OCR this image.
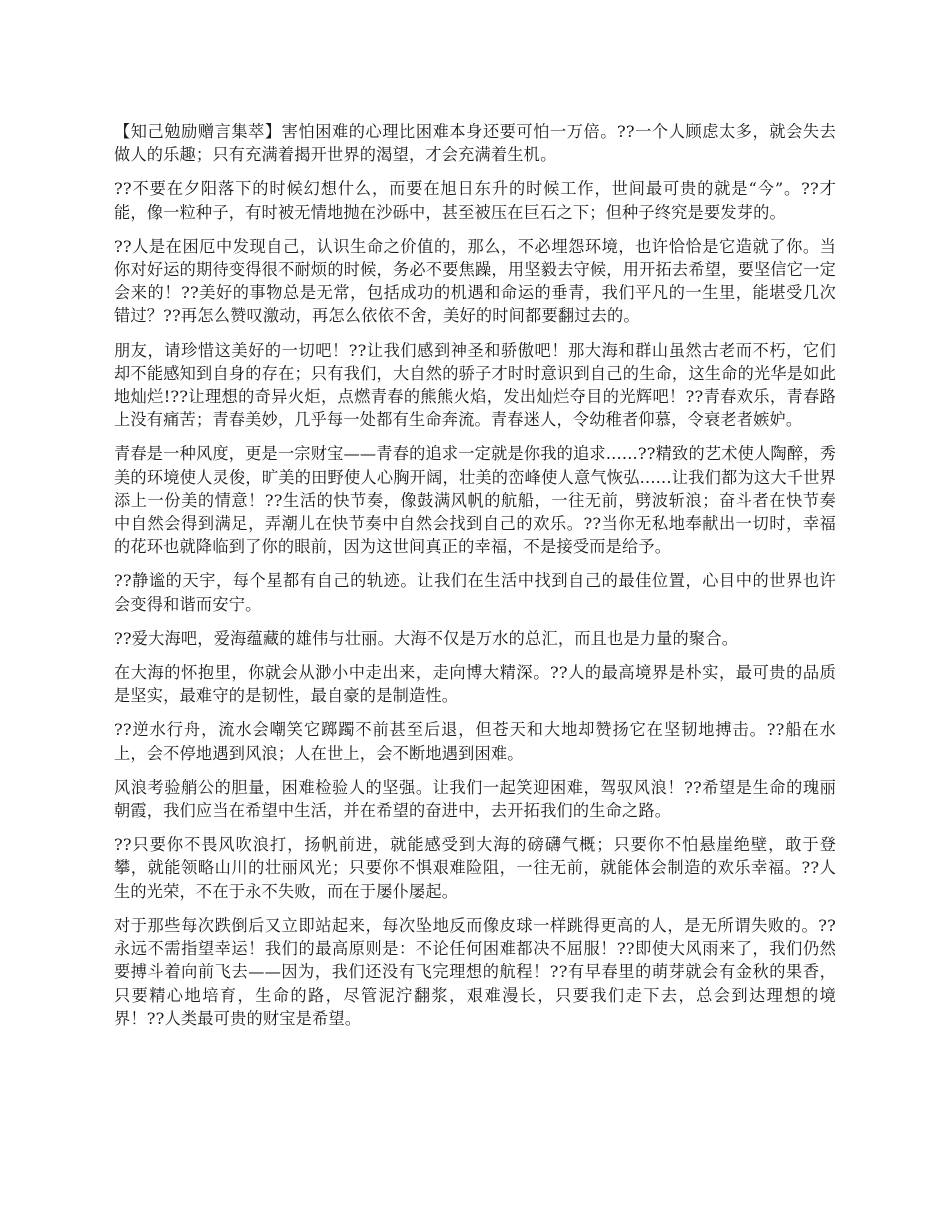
【知己勉励赠言集萃】害怕困难的心理比困难本身还要可怕一万倍。??一个人顾虑太多，就会失去做人的乐趣；只有充满着揭开世界的渴望，才会充满着生机。

??不要在夕阳落下的时候幻想什么，而要在旭日东升的时候工作，世间最可贵的就是“今”。??才能，像一粒种子，有时被无情地抛在沙砾中，甚至被压在巨石之下；但种子终究是要发芽的。

??人是在困厄中发现自己，认识生命之价值的，那么，不必埋怨环境，也许恰恰是它造就了你。当你对好运的期待变得很不耐烦的时候，务必不要焦躁，用坚毅去守候，用开拓去希望，要坚信它一定会来的！??美好的事物总是无常，包括成功的机遇和命运的垂青，我们平凡的一生里，能堪受几次错过？??再怎么赞叹激动，再怎么依依不舍，美好的时间都要翻过去的。

朋友，请珍惜这美好的一切吧！??让我们感到神圣和骄傲吧！那大海和群山虽然古老而不朽，它们却不能感知到自身的存在；只有我们，大自然的骄子才时时意识到自己的生命，这生命的光华是如此地灿烂!??让理想的奇异火炬，点燃青春的熊熊火焰，发出灿烂夺目的光辉吧！??青春欢乐，青春路上没有痛苦；青春美妙，几乎每一处都有生命奔流。青春迷人，令幼稚者仰慕，令衰老者嫉妒。

青春是一种风度，更是一宗财宝——青春的追求一定就是你我的追求......??精致的艺术使人陶醉，秀美的环境使人灵俊，旷美的田野使人心胸开阔，壮美的峦峰使人意气恢弘......让我们都为这大千世界添上一份美的情意！??生活的快节奏，像鼓满风帆的航船，一往无前，劈波斩浪；奋斗者在快节奏中自然会得到满足，弄潮儿在快节奏中自然会找到自己的欢乐。??当你无私地奉献出一切时，幸福的花环也就降临到了你的眼前，因为这世间真正的幸福，不是接受而是给予。

??静谧的天宇，每个星都有自己的轨迹。让我们在生活中找到自己的最佳位置，心目中的世界也许会变得和谐而安宁。

??爱大海吧，爱海蕴藏的雄伟与壮丽。大海不仅是万水的总汇，而且也是力量的聚合。

在大海的怀抱里，你就会从渺小中走出来，走向博大精深。??人的最高境界是朴实，最可贵的品质是坚实，最难守的是韧性，最自豪的是制造性。

??逆水行舟，流水会嘲笑它踯躅不前甚至后退，但苍天和大地却赞扬它在坚韧地搏击。??船在水上，会不停地遇到风浪；人在世上，会不断地遇到困难。

风浪考验艄公的胆量，困难检验人的坚强。让我们一起笑迎困难，驾驭风浪！??希望是生命的瑰丽朝霞，我们应当在希望中生活，并在希望的奋进中，去开拓我们的生命之路。

??只要你不畏风吹浪打，扬帆前进，就能感受到大海的磅礴气概；只要你不怕悬崖绝壁，敢于登攀，就能领略山川的壮丽风光；只要你不惧艰难险阻，一往无前，就能体会制造的欢乐幸福。??人生的光荣，不在于永不失败，而在于屡仆屡起。

对于那些每次跌倒后又立即站起来，每次坠地反而像皮球一样跳得更高的人，是无所谓失败的。??永远不需指望幸运！我们的最高原则是：不论任何困难都决不屈服！??即使大风雨来了，我们仍然要搏斗着向前飞去——因为，我们还没有飞完理想的航程！??有早春里的萌芽就会有金秋的果香，只要精心地培育，生命的路，尽管泥泞翻浆，艰难漫长，只要我们走下去，总会到达理想的境界！??人类最可贵的财宝是希望。
